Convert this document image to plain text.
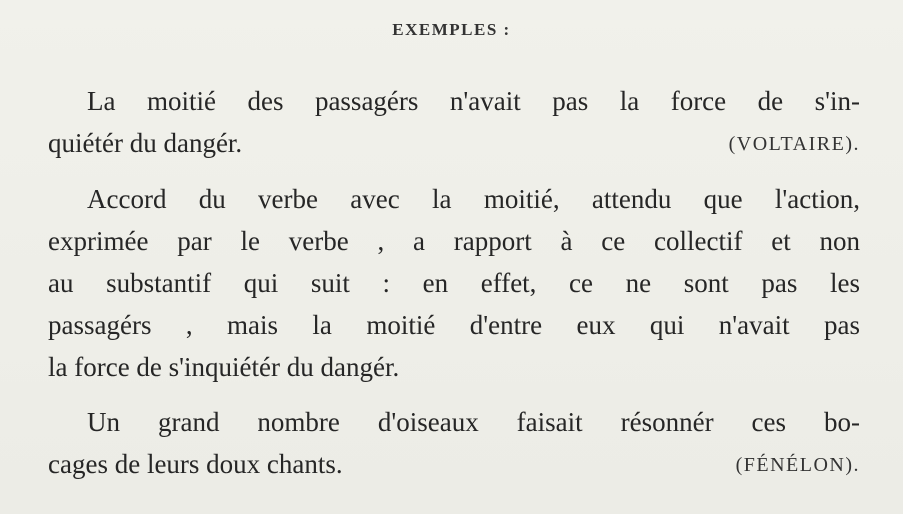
EXEMPLES :
La moitié des passagérs n'avait pas la force de s'in-
quiétér du dangér.	(VOLTAIRE).
Accord du verbe avec la moitié, attendu que l'action,
exprimée par le verbe , a rapport à ce collectif et non
au substantif qui suit : en effet, ce ne sont pas les
passagérs , mais la moitié d'entre eux qui n'avait pas
la force de s'inquiétér du dangér.
Un grand nombre d'oiseaux faisait résonnér ces bo-
cages de leurs doux chants.	(FÉNÉLON).
